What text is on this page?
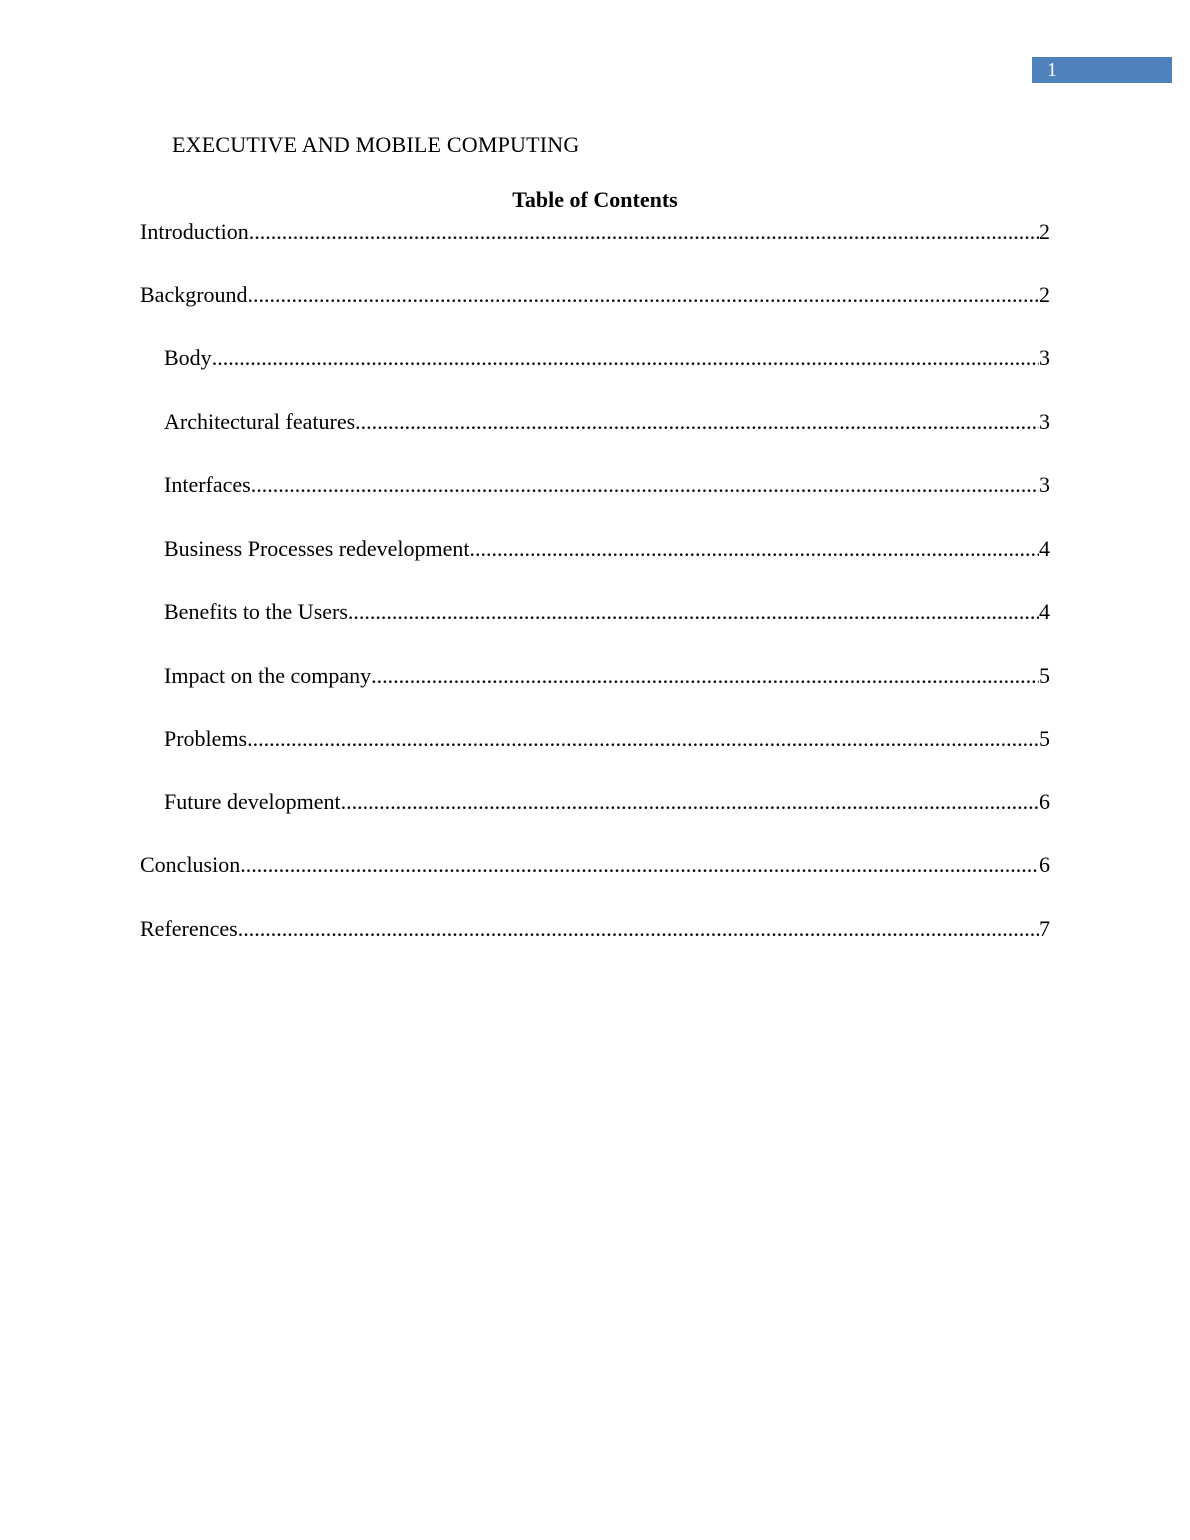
1
EXECUTIVE AND MOBILE COMPUTING
Table of Contents
Introduction .....	2
Background .....	2
Body .....	3
Architectural features .....	3
Interfaces .....	3
Business Processes redevelopment .....	4
Benefits to the Users .....	4
Impact on the company .....	5
Problems .....	5
Future development .....	6
Conclusion .....	6
References .....	7
